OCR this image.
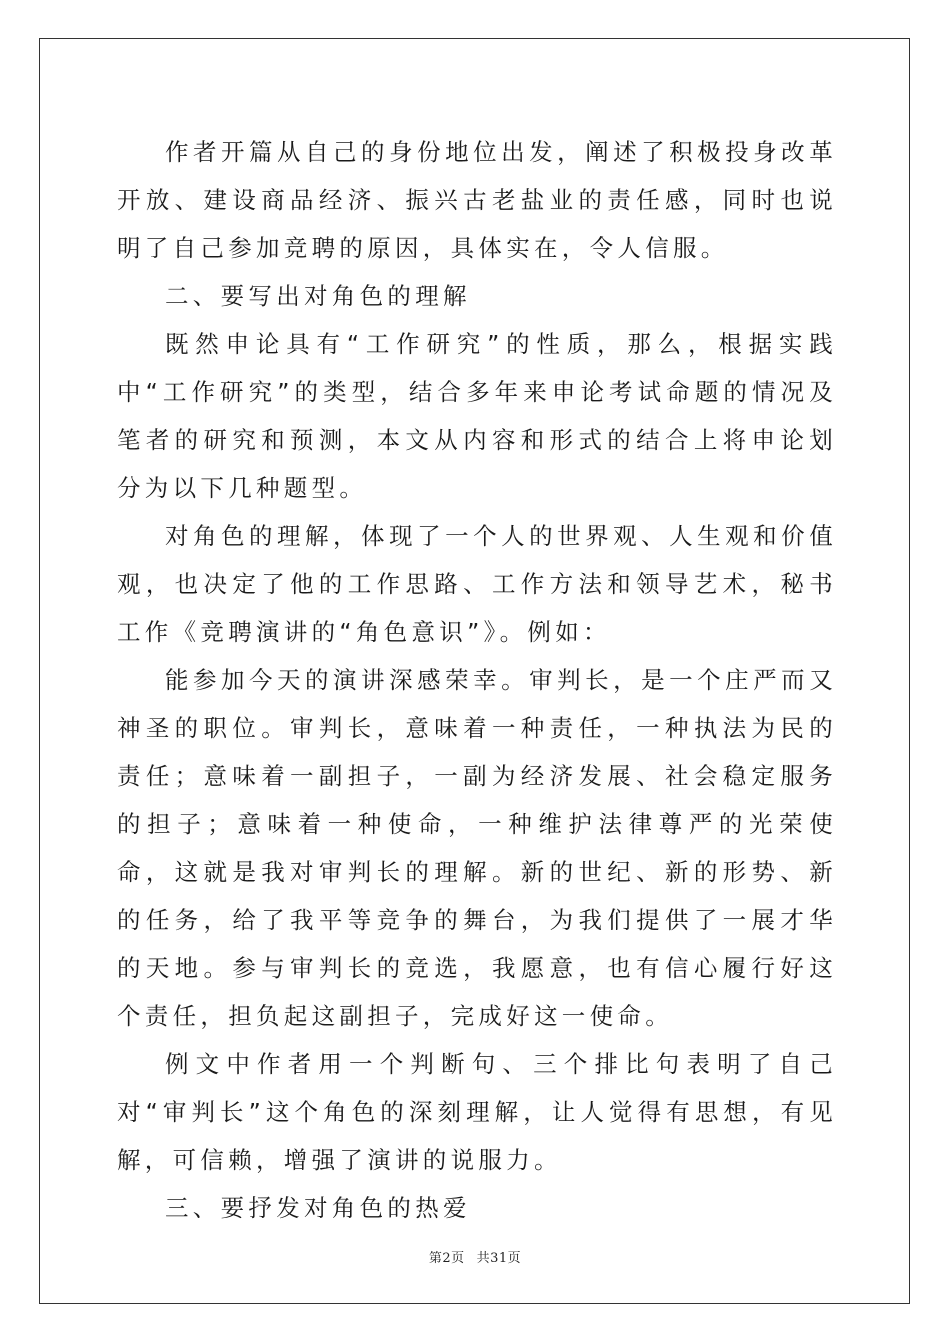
作者开篇从自己的身份地位出发，阐述了积极投身改革开放、建设商品经济、振兴古老盐业的责任感，同时也说明了自己参加竞聘的原因，具体实在，令人信服。

二、要写出对角色的理解

既然申论具有“工作研究”的性质，那么，根据实践中“工作研究”的类型，结合多年来申论考试命题的情况及笔者的研究和预测，本文从内容和形式的结合上将申论划分为以下几种题型。

对角色的理解，体现了一个人的世界观、人生观和价值观，也决定了他的工作思路、工作方法和领导艺术，秘书工作《竞聘演讲的“角色意识”》。例如：

能参加今天的演讲深感荣幸。审判长，是一个庄严而又神圣的职位。审判长，意味着一种责任，一种执法为民的责任；意味着一副担子，一副为经济发展、社会稳定服务的担子；意味着一种使命，一种维护法律尊严的光荣使命，这就是我对审判长的理解。新的世纪、新的形势、新的任务，给了我平等竞争的舞台，为我们提供了一展才华的天地。参与审判长的竞选，我愿意，也有信心履行好这个责任，担负起这副担子，完成好这一使命。

例文中作者用一个判断句、三个排比句表明了自己对“审判长”这个角色的深刻理解，让人觉得有思想，有见解，可信赖，增强了演讲的说服力。

三、要抒发对角色的热爱

第2页 共31页
